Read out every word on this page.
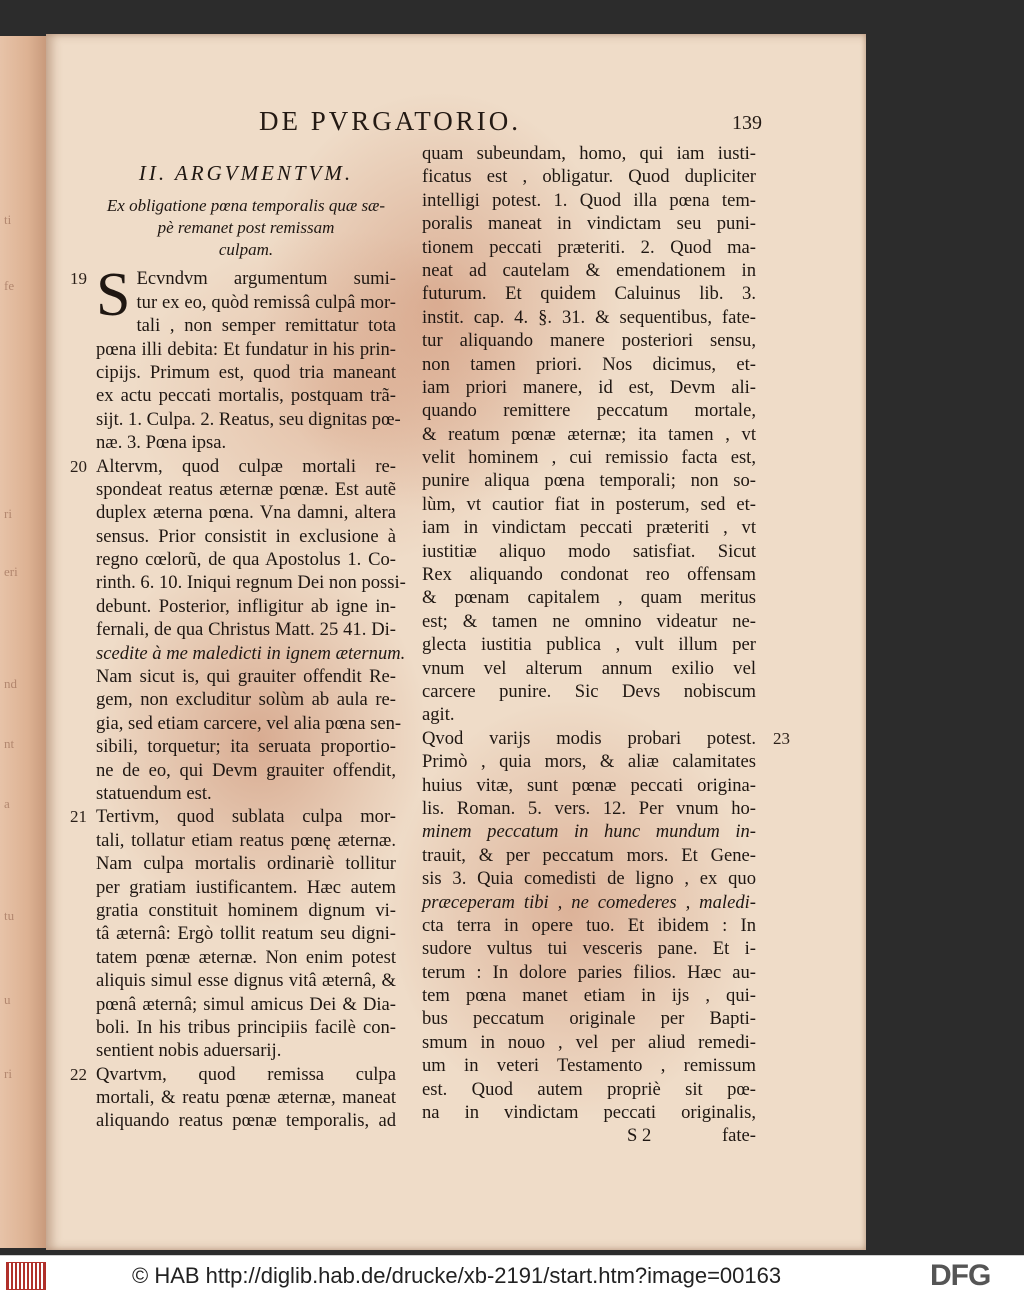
ti
fe
ri
eri
nd
nt
a
tu
u
ri
DE PVRGATORIO.	139
II. ARGVMENTVM.
Ex obligatione pœna temporalis quæ sæ-
pè remanet post remissam
culpam.
19 S Ecvndvm argumentum sumi-
tur ex eo, quòd remissâ culpâ mor-
tali , non semper remittatur tota
pœna illi debita: Et fundatur in his prin-
cipijs. Primum est, quod tria maneant
ex actu peccati mortalis, postquam trã-
sijt. 1. Culpa. 2. Reatus, seu dignitas pœ-
næ. 3. Pœna ipsa.
20 Altervm, quod culpæ mortali re-
spondeat reatus æternæ pœnæ. Est autẽ
duplex æterna pœna. Vna damni, altera
sensus. Prior consistit in exclusione à
regno cœlorũ, de qua Apostolus 1. Co-
rinth. 6. 10. Iniqui regnum Dei non possi-
debunt. Posterior, infligitur ab igne in-
fernali, de qua Christus Matt. 25 41. Di-
scedite à me maledicti in ignem æternum.
Nam sicut is, qui grauiter offendit Re-
gem, non excluditur solùm ab aula re-
gia, sed etiam carcere, vel alia pœna sen-
sibili, torquetur; ita seruata proportio-
ne de eo, qui Devm grauiter offendit,
statuendum est.
21 Tertivm, quod sublata culpa mor-
tali, tollatur etiam reatus pœnę æternæ.
Nam culpa mortalis ordinariè tollitur
per gratiam iustificantem. Hæc autem
gratia constituit hominem dignum vi-
tâ æternâ: Ergò tollit reatum seu digni-
tatem pœnæ æternæ. Non enim potest
aliquis simul esse dignus vitâ æternâ, &
pœnâ æternâ; simul amicus Dei & Dia-
boli. In his tribus principiis facilè con-
sentient nobis aduersarij.
22 Qvartvm, quod remissa culpa
mortali, & reatu pœnæ æternæ, maneat
aliquando reatus pœnæ temporalis, ad
quam subeundam, homo, qui iam iusti-
ficatus est , obligatur. Quod dupliciter
intelligi potest. 1. Quod illa pœna tem-
poralis maneat in vindictam seu puni-
tionem peccati præteriti. 2. Quod ma-
neat ad cautelam & emendationem in
futurum. Et quidem Caluinus lib. 3.
instit. cap. 4. §. 31. & sequentibus, fate-
tur aliquando manere posteriori sensu,
non tamen priori. Nos dicimus, et-
iam priori manere, id est, Devm ali-
quando remittere peccatum mortale,
& reatum pœnæ æternæ; ita tamen , vt
velit hominem , cui remissio facta est,
punire aliqua pœna temporali; non so-
lùm, vt cautior fiat in posterum, sed et-
iam in vindictam peccati præteriti , vt
iustitiæ aliquo modo satisfiat. Sicut
Rex aliquando condonat reo offensam
& pœnam capitalem , quam meritus
est; & tamen ne omnino videatur ne-
glecta iustitia publica , vult illum per
vnum vel alterum annum exilio vel
carcere punire. Sic Devs nobiscum
agit.
23
Qvod varijs modis probari potest.
Primò , quia mors, & aliæ calamitates
huius vitæ, sunt pœnæ peccati origina-
lis. Roman. 5. vers. 12. Per vnum ho-
minem peccatum in hunc mundum in-
trauit, & per peccatum mors. Et Gene-
sis 3. Quia comedisti de ligno , ex quo
præceperam tibi , ne comederes , maledi-
cta terra in opere tuo. Et ibidem : In
sudore vultus tui vesceris pane. Et i-
terum : In dolore paries filios. Hæc au-
tem pœna manet etiam in ijs , qui-
bus peccatum originale per Bapti-
smum in nouo , vel per aliud remedi-
um in veteri Testamento , remissum
est. Quod autem propriè sit pœ-
na in vindictam peccati originalis,
S 2	fate-
© HAB http://diglib.hab.de/drucke/xb-2191/start.htm?image=00163	DFG
